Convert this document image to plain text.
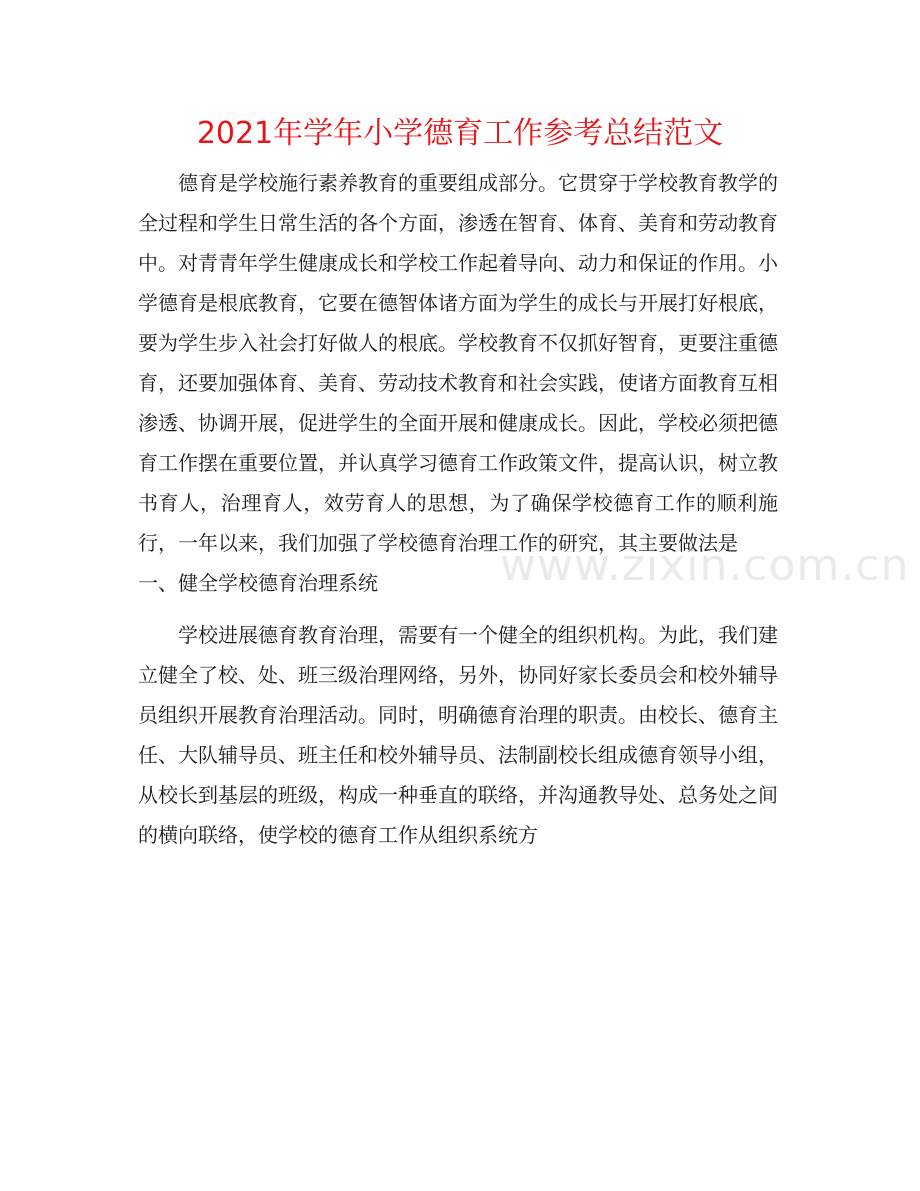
2021年学年小学德育工作参考总结范文

德育是学校施行素养教育的重要组成部分。它贯穿于学校教育教学的全过程和学生日常生活的各个方面，渗透在智育、体育、美育和劳动教育中。对青青年学生健康成长和学校工作起着导向、动力和保证的作用。小学德育是根底教育，它要在德智体诸方面为学生的成长与开展打好根底，要为学生步入社会打好做人的根底。学校教育不仅抓好智育，更要注重德育，还要加强体育、美育、劳动技术教育和社会实践，使诸方面教育互相渗透、协调开展，促进学生的全面开展和健康成长。因此，学校必须把德育工作摆在重要位置，并认真学习德育工作政策文件，提高认识，树立教书育人，治理育人，效劳育人的思想，为了确保学校德育工作的顺利施行，一年以来，我们加强了学校德育治理工作的研究，其主要做法是一、健全学校德育治理系统

学校进展德育教育治理，需要有一个健全的组织机构。为此，我们建立健全了校、处、班三级治理网络，另外，协同好家长委员会和校外辅导员组织开展教育治理活动。同时，明确德育治理的职责。由校长、德育主任、大队辅导员、班主任和校外辅导员、法制副校长组成德育领导小组，从校长到基层的班级，构成一种垂直的联络，并沟通教导处、总务处之间的横向联络，使学校的德育工作从组织系统方

www.zixin.com.cn
